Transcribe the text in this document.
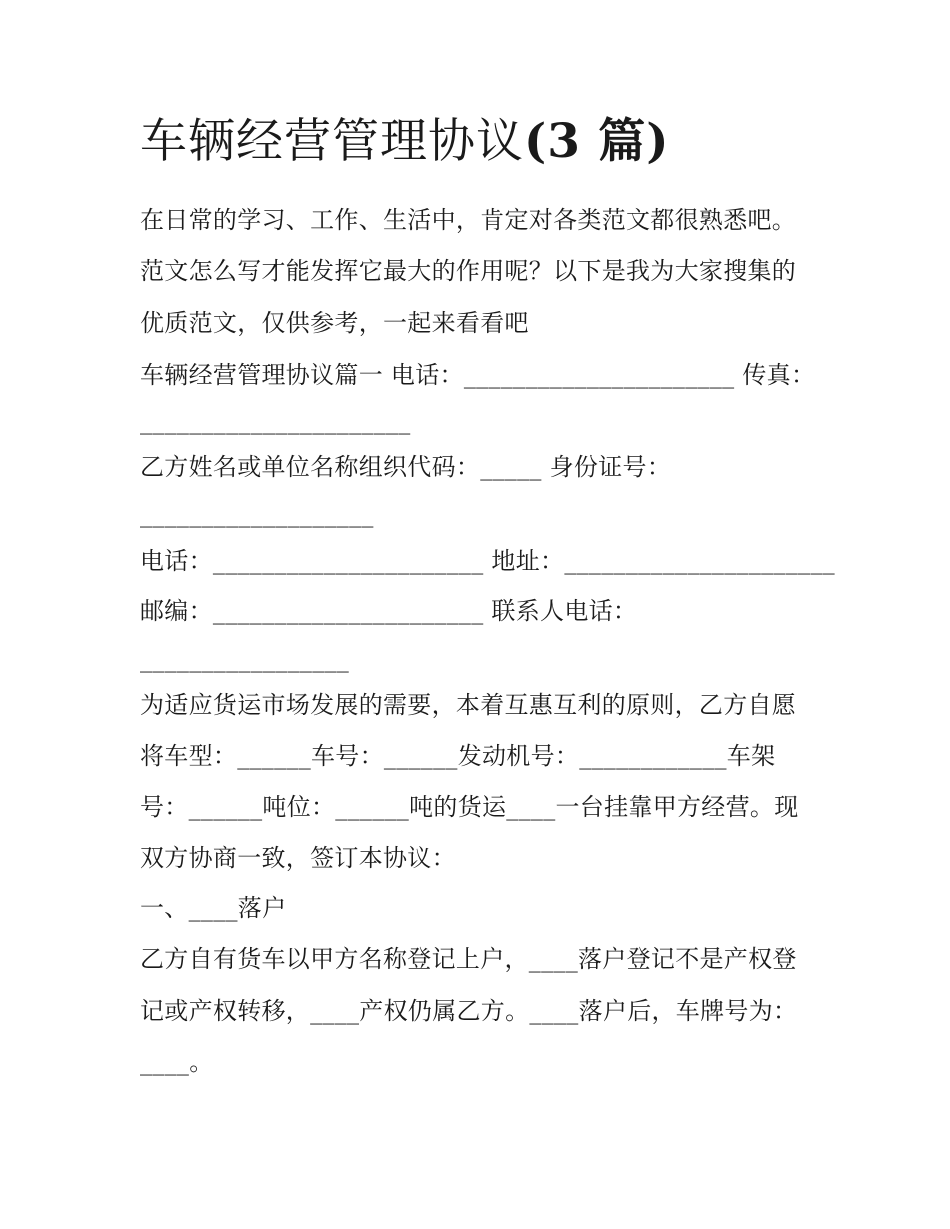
车辆经营管理协议(3 篇)
在日常的学习、工作、生活中，肯定对各类范文都很熟悉吧。
范文怎么写才能发挥它最大的作用呢？以下是我为大家搜集的
优质范文，仅供参考，一起来看看吧
车辆经营管理协议篇一 电话：______________________ 传真：
______________________
乙方姓名或单位名称组织代码：_____ 身份证号：
___________________
电话：______________________ 地址：______________________
邮编：______________________ 联系人电话：
_________________
为适应货运市场发展的需要，本着互惠互利的原则，乙方自愿
将车型：______车号：______发动机号：____________车架
号：______吨位：______吨的货运____一台挂靠甲方经营。现
双方协商一致，签订本协议：
一、____落户
乙方自有货车以甲方名称登记上户，____落户登记不是产权登
记或产权转移，____产权仍属乙方。____落户后，车牌号为：
____。
